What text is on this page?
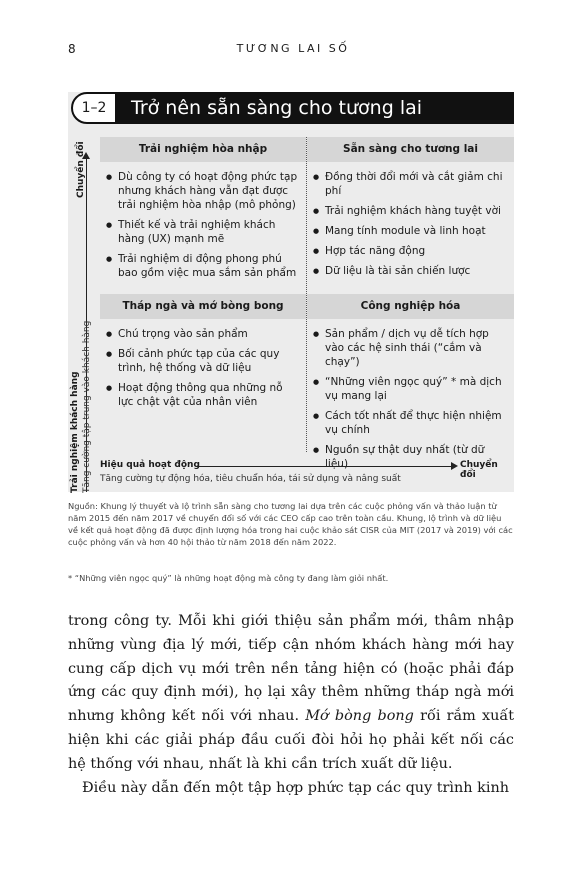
8	TƯƠNG LAI SỐ
1–2	Trở nên sẵn sàng cho tương lai
Chuyển đổi
Trải nghiệm khách hàng Tăng cường tập trung vào khách hàng
Trải nghiệm hòa nhập
● Dù công ty có hoạt động phức tạp nhưng khách hàng vẫn đạt được trải nghiệm hòa nhập (mô phỏng)
● Thiết kế và trải nghiệm khách hàng (UX) mạnh mẽ
● Trải nghiệm di động phong phú bao gồm việc mua sắm sản phẩm
Sẵn sàng cho tương lai
● Đồng thời đổi mới và cắt giảm chi phí
● Trải nghiệm khách hàng tuyệt vời
● Mang tính module và linh hoạt
● Hợp tác năng động
● Dữ liệu là tài sản chiến lược
Tháp ngà và mớ bòng bong
● Chú trọng vào sản phẩm
● Bối cảnh phức tạp của các quy trình, hệ thống và dữ liệu
● Hoạt động thông qua những nỗ lực chật vật của nhân viên
Công nghiệp hóa
● Sản phẩm / dịch vụ dễ tích hợp vào các hệ sinh thái (“cắm và chạy”)
● “Những viên ngọc quý” * mà dịch vụ mang lại
● Cách tốt nhất để thực hiện nhiệm vụ chính
● Nguồn sự thật duy nhất (từ dữ liệu)
Hiệu quả hoạt động	Chuyển đổi
Tăng cường tự động hóa, tiêu chuẩn hóa, tái sử dụng và nâng suất

Nguồn: Khung lý thuyết và lộ trình sẵn sàng cho tương lai dựa trên các cuộc phỏng vấn và thảo luận từ năm 2015 đến năm 2017 về chuyển đổi số với các CEO cấp cao trên toàn cầu. Khung, lộ trình và dữ liệu về kết quả hoạt động đã được định lượng hóa trong hai cuộc khảo sát CISR của MIT (2017 và 2019) với các cuộc phỏng vấn và hơn 40 hội thảo từ năm 2018 đến năm 2022.

* “Những viên ngọc quý” là những hoạt động mà công ty đang làm giỏi nhất.

trong công ty. Mỗi khi giới thiệu sản phẩm mới, thâm nhập những vùng địa lý mới, tiếp cận nhóm khách hàng mới hay cung cấp dịch vụ mới trên nền tảng hiện có (hoặc phải đáp ứng các quy định mới), họ lại xây thêm những tháp ngà mới nhưng không kết nối với nhau. Mớ bòng bong rối rắm xuất hiện khi các giải pháp đầu cuối đòi hỏi họ phải kết nối các hệ thống với nhau, nhất là khi cần trích xuất dữ liệu.

Điều này dẫn đến một tập hợp phức tạp các quy trình kinh
